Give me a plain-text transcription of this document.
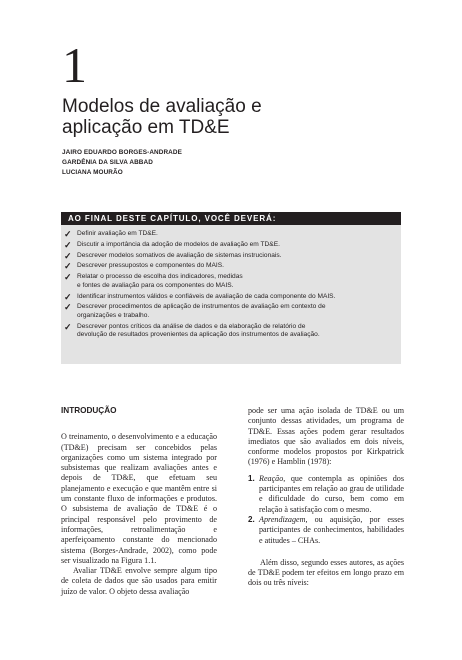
1
Modelos de avaliação e
aplicação em TD&E
JAIRO EDUARDO BORGES-ANDRADE
GARDÊNIA DA SILVA ABBAD
LUCIANA MOURÃO
AO FINAL DESTE CAPÍTULO, VOCÊ DEVERÁ:
✓ Definir avaliação em TD&E.
✓ Discutir a importância da adoção de modelos de avaliação em TD&E.
✓ Descrever modelos somativos de avaliação de sistemas instrucionais.
✓ Descrever pressupostos e componentes do MAIS.
✓ Relatar o processo de escolha dos indicadores, medidas
e fontes de avaliação para os componentes do MAIS.
✓ Identificar instrumentos válidos e confiáveis de avaliação de cada componente do MAIS.
✓ Descrever procedimentos de aplicação de instrumentos de avaliação em contexto de
organizações e trabalho.
✓ Descrever pontos críticos da análise de dados e da elaboração de relatório de
devolução de resultados provenientes da aplicação dos instrumentos de avaliação.
INTRODUÇÃO

O treinamento, o desenvolvimento e a educação (TD&E) precisam ser concebidos pelas organizações como um sistema integrado por subsistemas que realizam avaliações antes e depois de TD&E, que efetuam seu planejamento e execução e que mantêm entre si um constante fluxo de informações e produtos. O subsistema de avaliação de TD&E é o principal responsável pelo provimento de informações, retroalimentação e aperfeiçoamento constante do mencionado sistema (Borges-Andrade, 2002), como pode ser visualizado na Figura 1.1.

Avaliar TD&E envolve sempre algum tipo de coleta de dados que são usados para emitir juízo de valor. O objeto dessa avaliação

pode ser uma ação isolada de TD&E ou um conjunto dessas atividades, um programa de TD&E. Essas ações podem gerar resultados imediatos que são avaliados em dois níveis, conforme modelos propostos por Kirkpatrick (1976) e Hamblin (1978):

1. Reação, que contempla as opiniões dos participantes em relação ao grau de utilidade e dificuldade do curso, bem como em relação à satisfação com o mesmo.
2. Aprendizagem, ou aquisição, por esses participantes de conhecimentos, habilidades e atitudes – CHAs.

Além disso, segundo esses autores, as ações de TD&E podem ter efeitos em longo prazo em dois ou três níveis:
